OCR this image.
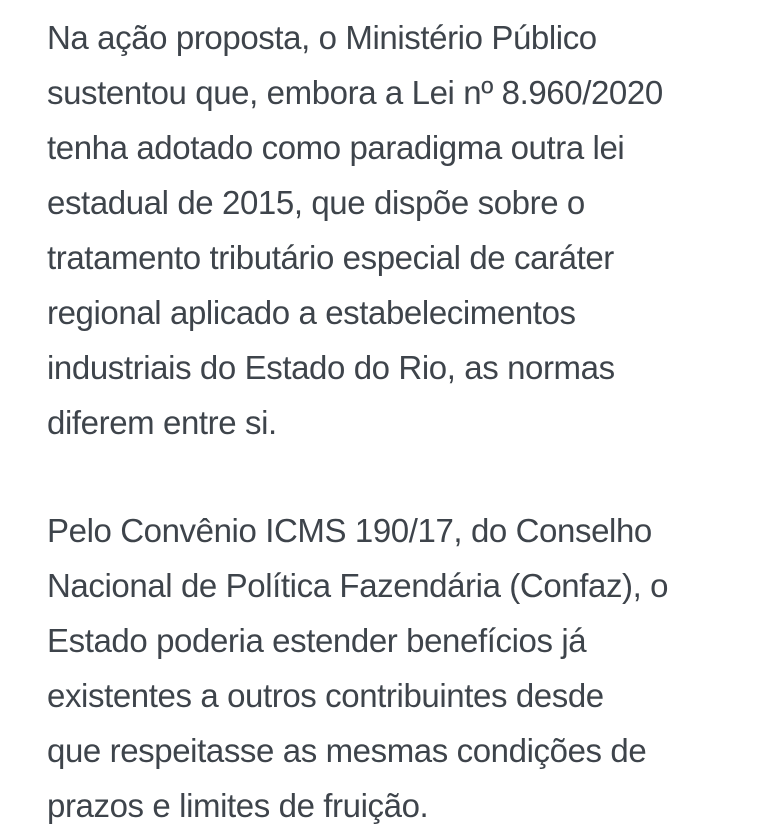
Na ação proposta, o Ministério Público
sustentou que, embora a Lei nº 8.960/2020
tenha adotado como paradigma outra lei
estadual de 2015, que dispõe sobre o
tratamento tributário especial de caráter
regional aplicado a estabelecimentos
industriais do Estado do Rio, as normas
diferem entre si.

Pelo Convênio ICMS 190/17, do Conselho
Nacional de Política Fazendária (Confaz), o
Estado poderia estender benefícios já
existentes a outros contribuintes desde
que respeitasse as mesmas condições de
prazos e limites de fruição.
